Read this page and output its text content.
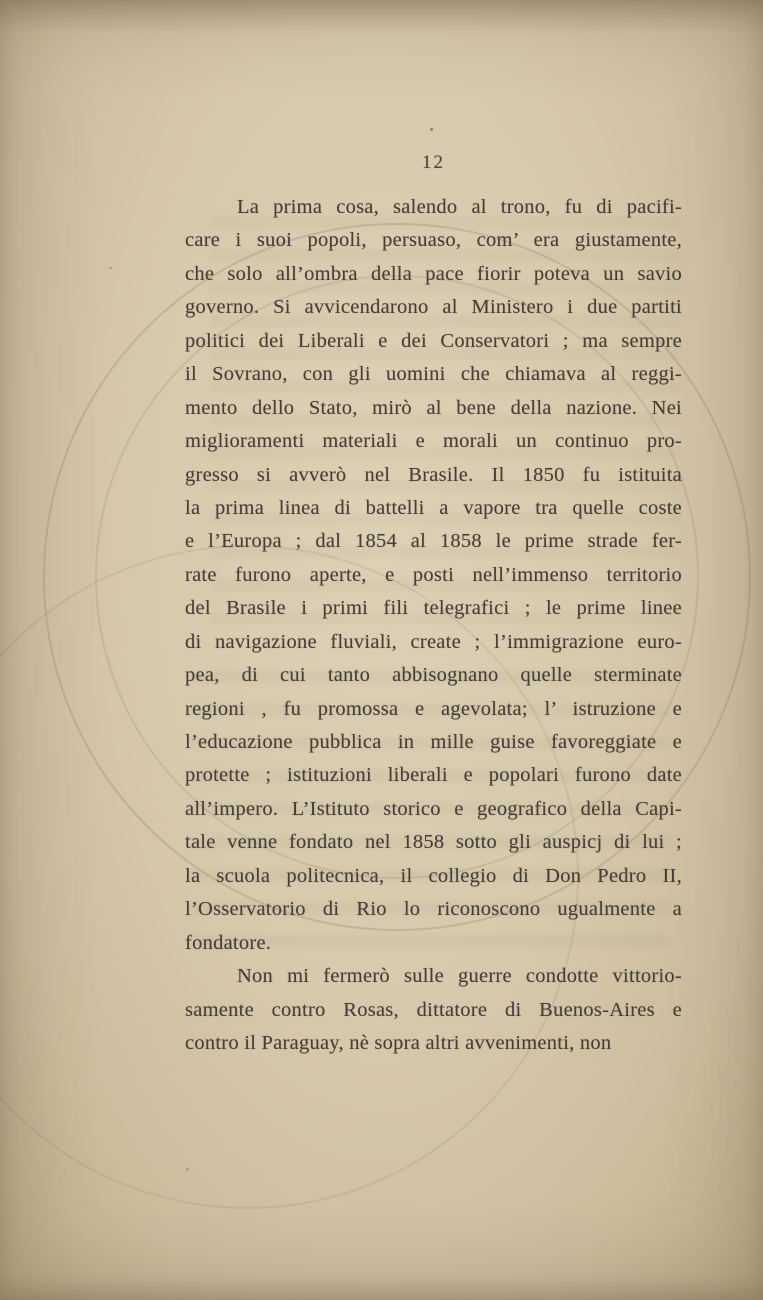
12
La prima cosa, salendo al trono, fu di pacifi-
care i suoi popoli, persuaso, com’ era giustamente,
che solo all’ombra della pace fiorir poteva un savio
governo. Si avvicendarono al Ministero i due partiti
politici dei Liberali e dei Conservatori ; ma sempre
il Sovrano, con gli uomini che chiamava al reggi-
mento dello Stato, mirò al bene della nazione. Nei
miglioramenti materiali e morali un continuo pro-
gresso si avverò nel Brasile. Il 1850 fu istituita
la prima linea di battelli a vapore tra quelle coste
e l’Europa ; dal 1854 al 1858 le prime strade fer-
rate furono aperte, e posti nell’immenso territorio
del Brasile i primi fili telegrafici ; le prime linee
di navigazione fluviali, create ; l’immigrazione euro-
pea, di cui tanto abbisognano quelle sterminate
regioni , fu promossa e agevolata; l’ istruzione e
l’educazione pubblica in mille guise favoreggiate e
protette ; istituzioni liberali e popolari furono date
all’impero. L’Istituto storico e geografico della Capi-
tale venne fondato nel 1858 sotto gli auspicj di lui ;
la scuola politecnica, il collegio di Don Pedro II,
l’Osservatorio di Rio lo riconoscono ugualmente a
fondatore.
Non mi fermerò sulle guerre condotte vittorio-
samente contro Rosas, dittatore di Buenos-Aires e
contro il Paraguay, nè sopra altri avvenimenti, non
